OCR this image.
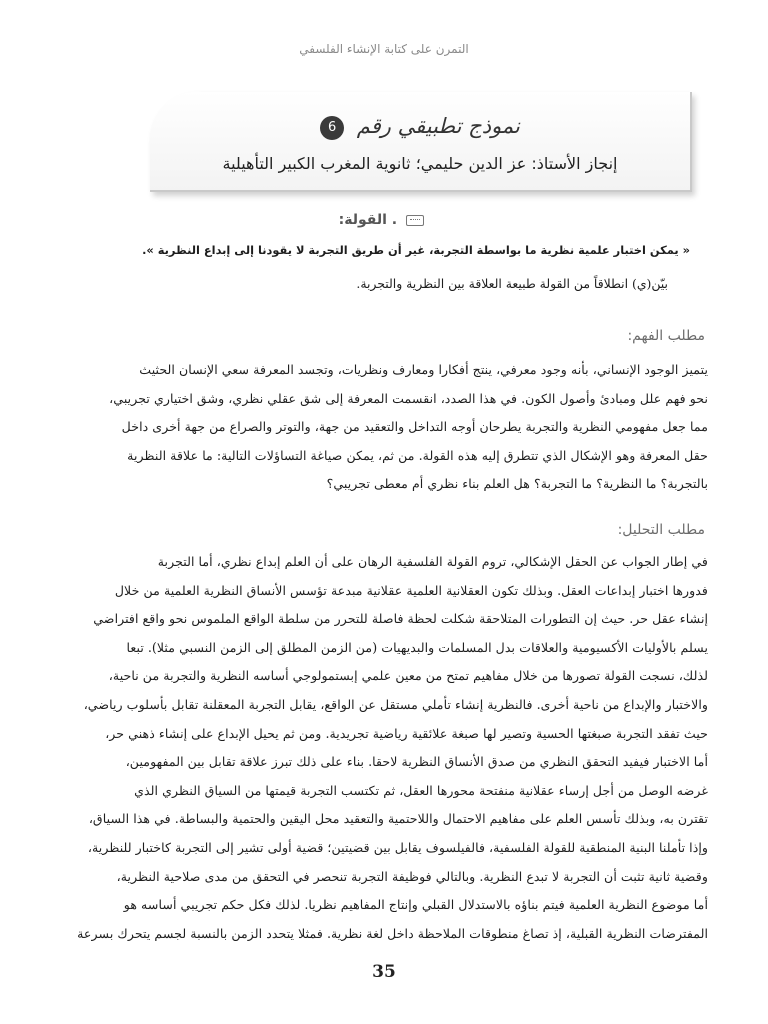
التمرن على كتابة الإنشاء الفلسفي
نموذج تطبيقي رقم 6
إنجاز الأستاذ: عز الدين حليمي؛ ثانوية المغرب الكبير التأهيلية
. القولة:
« يمكن اختبار علمية نظرية ما بواسطة التجربة، غير أن طريق التجربة لا يقودنا إلى إبداع النظرية ».
بيّن(ي) انطلاقاً من القولة طبيعة العلاقة بين النظرية والتجربة.
مطلب الفهم:
يتميز الوجود الإنساني، بأنه وجود معرفي، ينتج أفكارا ومعارف ونظريات، وتجسد المعرفة سعي الإنسان الحثيث
نحو فهم علل ومبادئ وأصول الكون. في هذا الصدد، انقسمت المعرفة إلى شق عقلي نظري، وشق اختياري تجريبي،
مما جعل مفهومي النظرية والتجربة يطرحان أوجه التداخل والتعقيد من جهة، والتوتر والصراع من جهة أخرى داخل
حقل المعرفة وهو الإشكال الذي تتطرق إليه هذه القولة. من ثم، يمكن صياغة التساؤلات التالية: ما علاقة النظرية
بالتجربة؟ ما النظرية؟ ما التجربة؟ هل العلم بناء نظري أم معطى تجريبي؟
مطلب التحليل:
في إطار الجواب عن الحقل الإشكالي، تروم القولة الفلسفية الرهان على أن العلم إبداع نظري، أما التجربة
فدورها اختبار إبداعات العقل. وبذلك تكون العقلانية العلمية عقلانية مبدعة تؤسس الأنساق النظرية العلمية من خلال
إنشاء عقل حر. حيث إن التطورات المتلاحقة شكلت لحظة فاصلة للتحرر من سلطة الواقع الملموس نحو واقع افتراضي
يسلم بالأوليات الأكسيومية والعلاقات بدل المسلمات والبديهيات (من الزمن المطلق إلى الزمن النسبي مثلا). تبعا
لذلك، نسجت القولة تصورها من خلال مفاهيم تمتح من معين علمي إبستمولوجي أساسه النظرية والتجربة من ناحية،
والاختبار والإبداع من ناحية أخرى. فالنظرية إنشاء تأملي مستقل عن الواقع، يقابل التجربة المعقلنة تقابل بأسلوب رياضي،
حيث تفقد التجربة صبغتها الحسية وتصير لها صبغة علائقية رياضية تجريدية. ومن ثم يحيل الإبداع على إنشاء ذهني حر،
أما الاختبار فيفيد التحقق النظري من صدق الأنساق النظرية لاحقا. بناء على ذلك تبرز علاقة تقابل بين المفهومين،
غرضه الوصل من أجل إرساء عقلانية منفتحة محورها العقل، ثم تكتسب التجربة قيمتها من السياق النظري الذي
تقترن به، وبذلك تأسس العلم على مفاهيم الاحتمال واللاحتمية والتعقيد محل اليقين والحتمية والبساطة. في هذا السياق،
وإذا تأملنا البنية المنطقية للقولة الفلسفية، فالفيلسوف يقابل بين قضيتين؛ قضية أولى تشير إلى التجربة كاختبار للنظرية،
وقضية ثانية تثبت أن التجربة لا تبدع النظرية. وبالتالي فوظيفة التجربة تنحصر في التحقق من مدى صلاحية النظرية،
أما موضوع النظرية العلمية فيتم بناؤه بالاستدلال القبلي وإنتاج المفاهيم نظريا. لذلك فكل حكم تجريبي أساسه هو
المفترضات النظرية القبلية، إذ تصاغ منطوقات الملاحظة داخل لغة نظرية. فمثلا يتحدد الزمن بالنسبة لجسم يتحرك بسرعة
35
